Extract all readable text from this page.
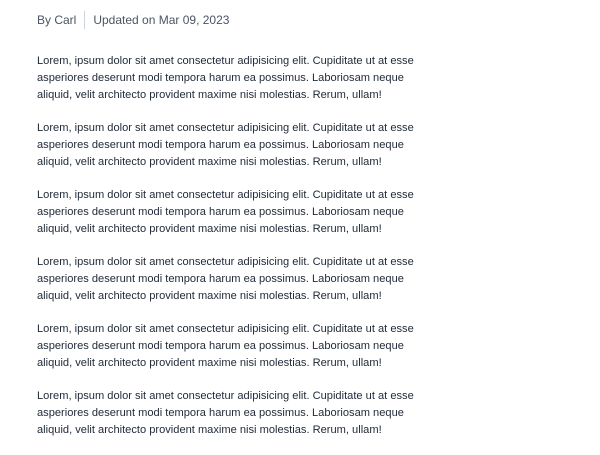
By Carl	Updated on Mar 09, 2023

Lorem, ipsum dolor sit amet consectetur adipisicing elit. Cupiditate ut at esse asperiores deserunt modi tempora harum ea possimus. Laboriosam neque aliquid, velit architecto provident maxime nisi molestias. Rerum, ullam!

Lorem, ipsum dolor sit amet consectetur adipisicing elit. Cupiditate ut at esse asperiores deserunt modi tempora harum ea possimus. Laboriosam neque aliquid, velit architecto provident maxime nisi molestias. Rerum, ullam!

Lorem, ipsum dolor sit amet consectetur adipisicing elit. Cupiditate ut at esse asperiores deserunt modi tempora harum ea possimus. Laboriosam neque aliquid, velit architecto provident maxime nisi molestias. Rerum, ullam!

Lorem, ipsum dolor sit amet consectetur adipisicing elit. Cupiditate ut at esse asperiores deserunt modi tempora harum ea possimus. Laboriosam neque aliquid, velit architecto provident maxime nisi molestias. Rerum, ullam!

Lorem, ipsum dolor sit amet consectetur adipisicing elit. Cupiditate ut at esse asperiores deserunt modi tempora harum ea possimus. Laboriosam neque aliquid, velit architecto provident maxime nisi molestias. Rerum, ullam!

Lorem, ipsum dolor sit amet consectetur adipisicing elit. Cupiditate ut at esse asperiores deserunt modi tempora harum ea possimus. Laboriosam neque aliquid, velit architecto provident maxime nisi molestias. Rerum, ullam!
